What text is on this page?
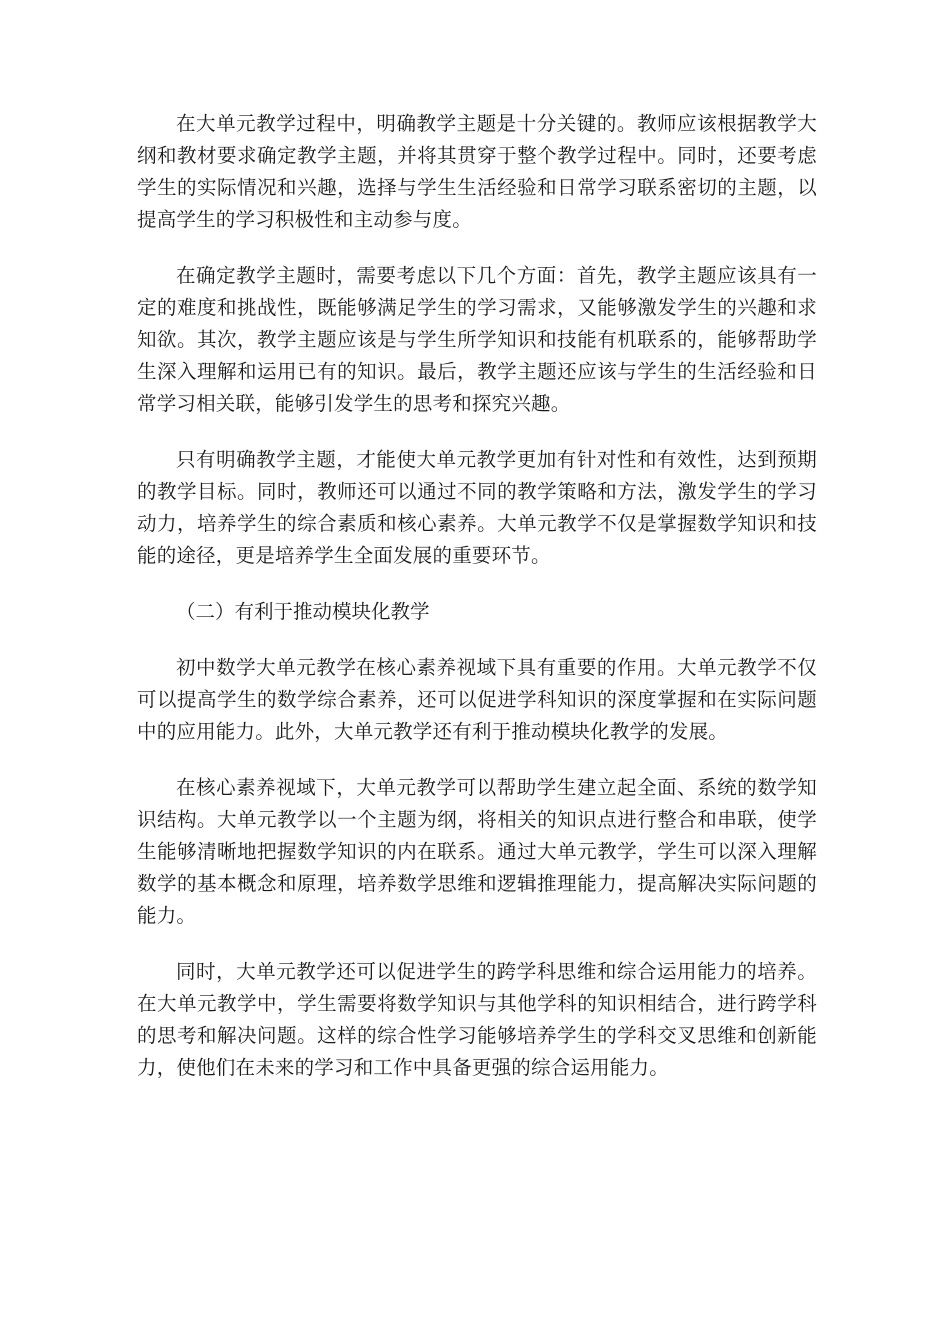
在大单元教学过程中，明确教学主题是十分关键的。教师应该根据教学大纲和教材要求确定教学主题，并将其贯穿于整个教学过程中。同时，还要考虑学生的实际情况和兴趣，选择与学生生活经验和日常学习联系密切的主题，以提高学生的学习积极性和主动参与度。

在确定教学主题时，需要考虑以下几个方面：首先，教学主题应该具有一定的难度和挑战性，既能够满足学生的学习需求，又能够激发学生的兴趣和求知欲。其次，教学主题应该是与学生所学知识和技能有机联系的，能够帮助学生深入理解和运用已有的知识。最后，教学主题还应该与学生的生活经验和日常学习相关联，能够引发学生的思考和探究兴趣。

只有明确教学主题，才能使大单元教学更加有针对性和有效性，达到预期的教学目标。同时，教师还可以通过不同的教学策略和方法，激发学生的学习动力，培养学生的综合素质和核心素养。大单元教学不仅是掌握数学知识和技能的途径，更是培养学生全面发展的重要环节。

（二）有利于推动模块化教学

初中数学大单元教学在核心素养视域下具有重要的作用。大单元教学不仅可以提高学生的数学综合素养，还可以促进学科知识的深度掌握和在实际问题中的应用能力。此外，大单元教学还有利于推动模块化教学的发展。

在核心素养视域下，大单元教学可以帮助学生建立起全面、系统的数学知识结构。大单元教学以一个主题为纲，将相关的知识点进行整合和串联，使学生能够清晰地把握数学知识的内在联系。通过大单元教学，学生可以深入理解数学的基本概念和原理，培养数学思维和逻辑推理能力，提高解决实际问题的能力。

同时，大单元教学还可以促进学生的跨学科思维和综合运用能力的培养。在大单元教学中，学生需要将数学知识与其他学科的知识相结合，进行跨学科的思考和解决问题。这样的综合性学习能够培养学生的学科交叉思维和创新能力，使他们在未来的学习和工作中具备更强的综合运用能力。
